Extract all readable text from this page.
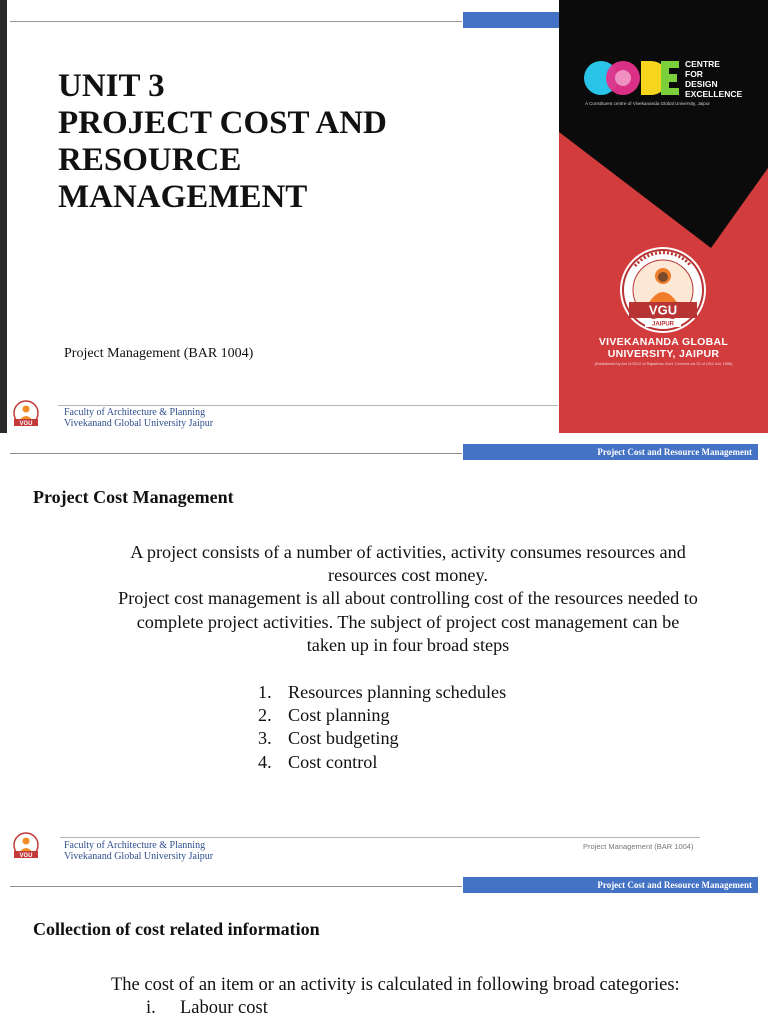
UNIT 3
PROJECT COST AND
RESOURCE
MANAGEMENT
Project Management (BAR 1004)
VGU
Faculty of Architecture & Planning
Vivekanand Global University Jaipur
CENTRE
FOR
DESIGN
EXCELLENCE
A Constituent centre of Vivekananda Global University, Jaipur
VGU
JAIPUR
VIVEKANANDA GLOBAL
UNIVERSITY, JAIPUR
(Established by Act 11/2012 of Rajasthan Govt. Covered u/s 22 of UGC Act, 1956)
Project Cost and Resource Management
Project Cost Management
A project consists of a number of activities, activity consumes resources and
resources cost money.
Project cost management is all about controlling cost of the resources needed to
complete project activities. The subject of project cost management can be
taken up in four broad steps
1. Resources planning schedules
2. Cost planning
3. Cost budgeting
4. Cost control
VGU
Faculty of Architecture & Planning
Vivekanand Global University Jaipur
Project Management (BAR 1004)
Project Cost and Resource Management
Collection of cost related information
The cost of an item or an activity is calculated in following broad categories:
i. Labour cost
